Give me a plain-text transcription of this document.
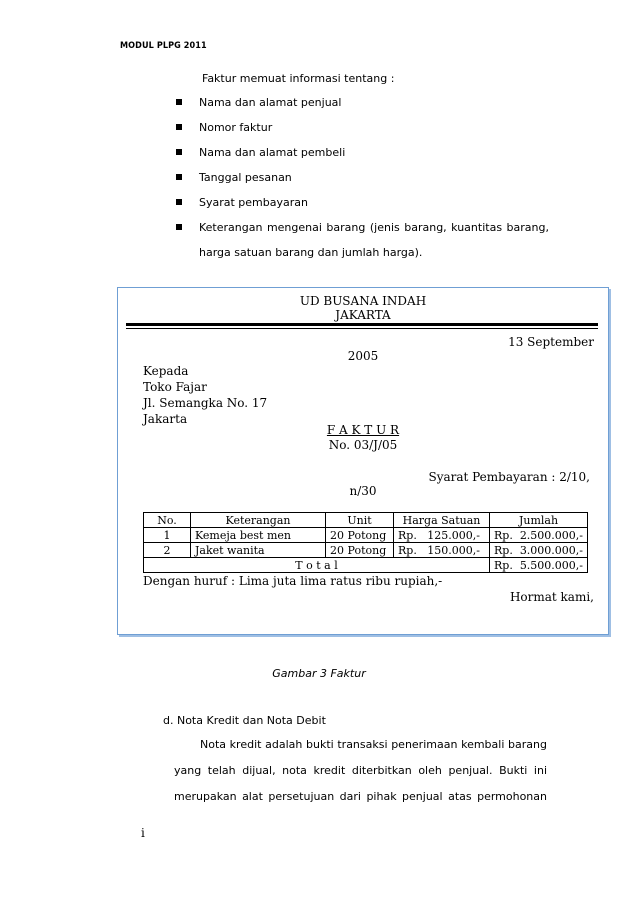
MODUL PLPG 2011
Faktur memuat informasi tentang :
Nama dan alamat penjual
Nomor faktur
Nama dan alamat pembeli
Tanggal pesanan
Syarat pembayaran
Keterangan mengenai barang (jenis barang, kuantitas barang,
harga satuan barang dan jumlah harga).
UD BUSANA INDAH
JAKARTA
13 September
2005
Kepada
Toko Fajar
Jl. Semangka No. 17
Jakarta
F A K T U R
No. 03/J/05
Syarat Pembayaran : 2/10,
n/30
No.	Keterangan	Unit	Harga Satuan	Jumlah
1	Kemeja best men	20 Potong	Rp.   125.000,-	Rp.  2.500.000,-
2	Jaket wanita	20 Potong	Rp.   150.000,-	Rp.  3.000.000,-
T o t a l				Rp.  5.500.000,-
Dengan huruf : Lima juta lima ratus ribu rupiah,-
Hormat kami,
Gambar 3 Faktur
d. Nota Kredit dan Nota Debit
Nota kredit adalah bukti transaksi penerimaan kembali barang
yang telah dijual, nota kredit diterbitkan oleh penjual. Bukti ini
merupakan alat persetujuan dari pihak penjual atas permohonan
i
